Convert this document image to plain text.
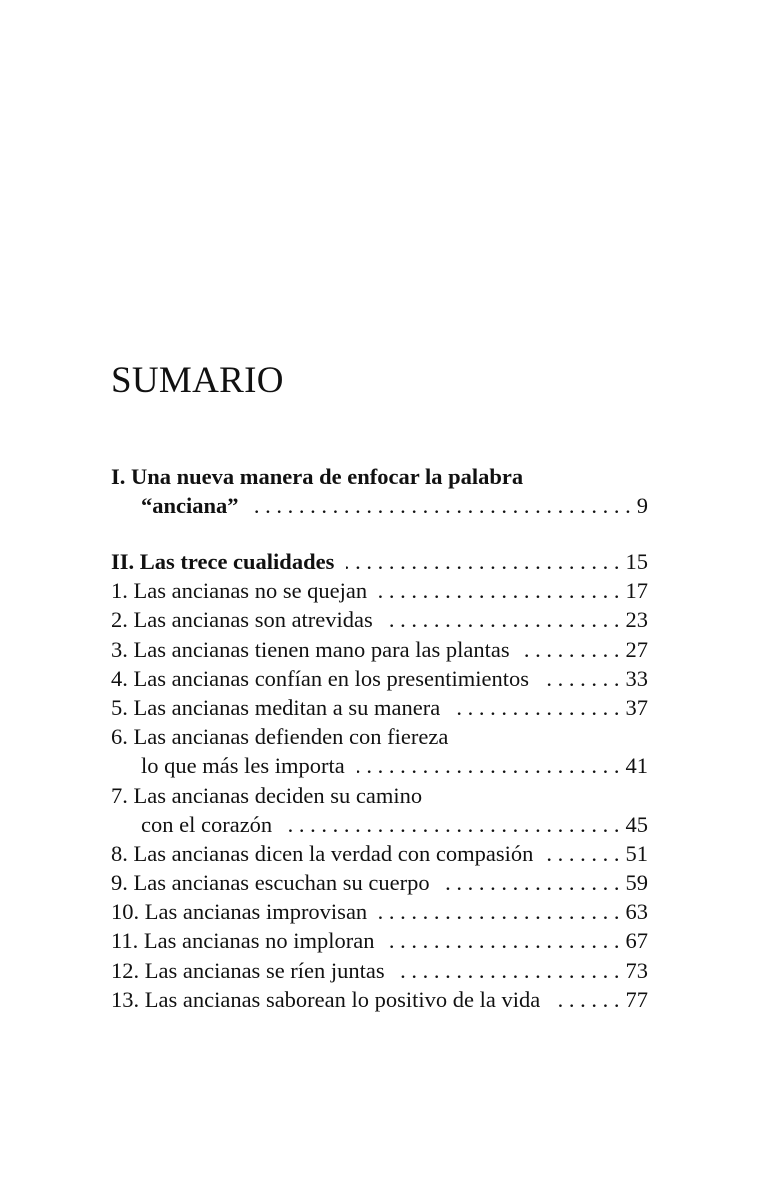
SUMARIO
I. Una nueva manera de enfocar la palabra
“anciana” . . .	9
II. Las trece cualidades . . .	15
1. Las ancianas no se quejan . . .	17
2. Las ancianas son atrevidas . . .	23
3. Las ancianas tienen mano para las plantas . . .	27
4. Las ancianas confían en los presentimientos . . .	33
5. Las ancianas meditan a su manera . . .	37
6. Las ancianas defienden con fiereza
lo que más les importa . . .	41
7. Las ancianas deciden su camino
con el corazón . . .	45
8. Las ancianas dicen la verdad con compasión . . .	51
9. Las ancianas escuchan su cuerpo . . .	59
10. Las ancianas improvisan . . .	63
11. Las ancianas no imploran . . .	67
12. Las ancianas se ríen juntas . . .	73
13. Las ancianas saborean lo positivo de la vida . . .	77
